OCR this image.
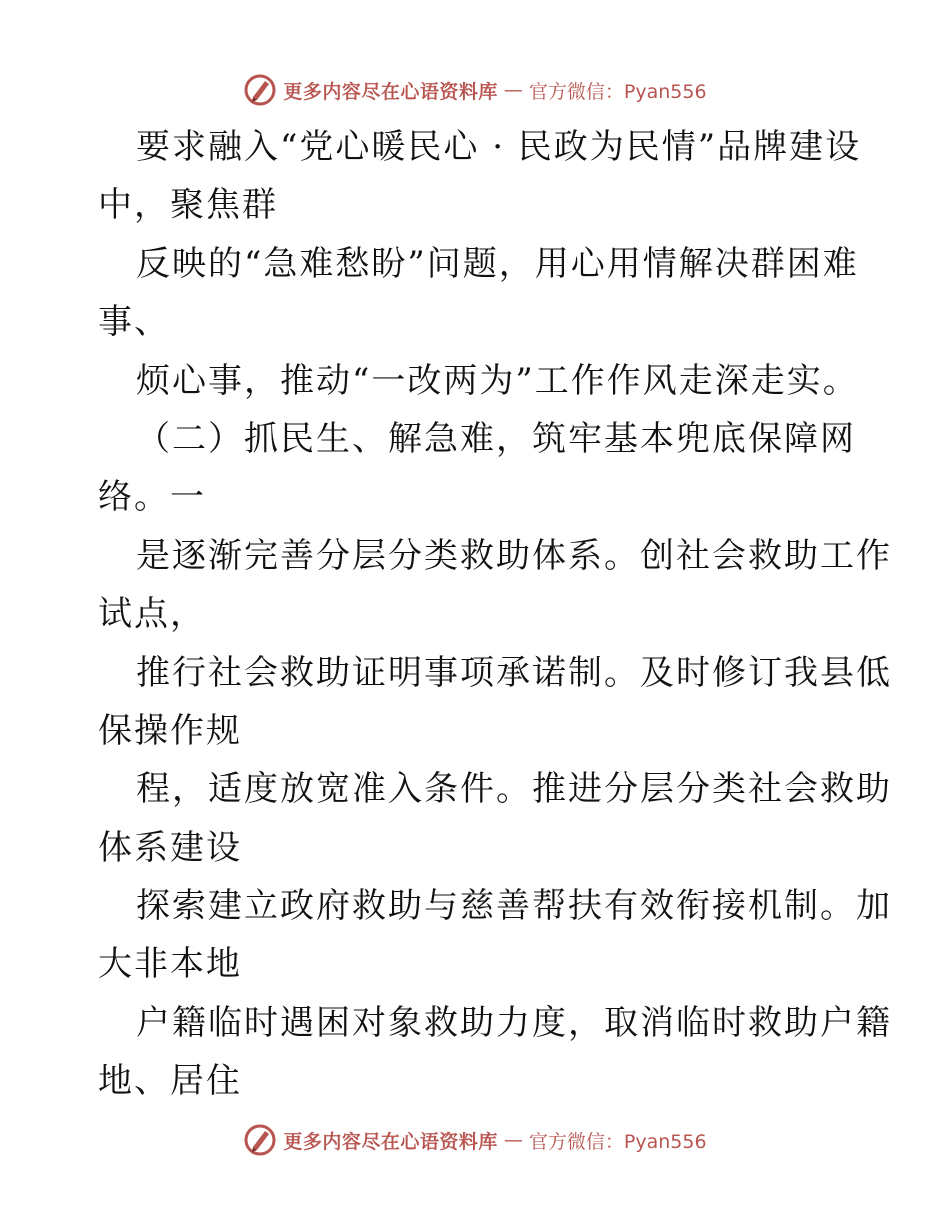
更多内容尽在心语资料库 — 官方微信：Pyan556
要求融入“党心暖民心 · 民政为民情”品牌建设
中，聚焦群
反映的“急难愁盼”问题，用心用情解决群困难
事、
烦心事，推动“一改两为”工作作风走深走实。
（二）抓民生、解急难，筑牢基本兜底保障网
络。一
是逐渐完善分层分类救助体系。创社会救助工作
试点，
推行社会救助证明事项承诺制。及时修订我县低
保操作规
程，适度放宽准入条件。推进分层分类社会救助
体系建设
探索建立政府救助与慈善帮扶有效衔接机制。加
大非本地
户籍临时遇困对象救助力度，取消临时救助户籍
地、居住
更多内容尽在心语资料库 — 官方微信：Pyan556
